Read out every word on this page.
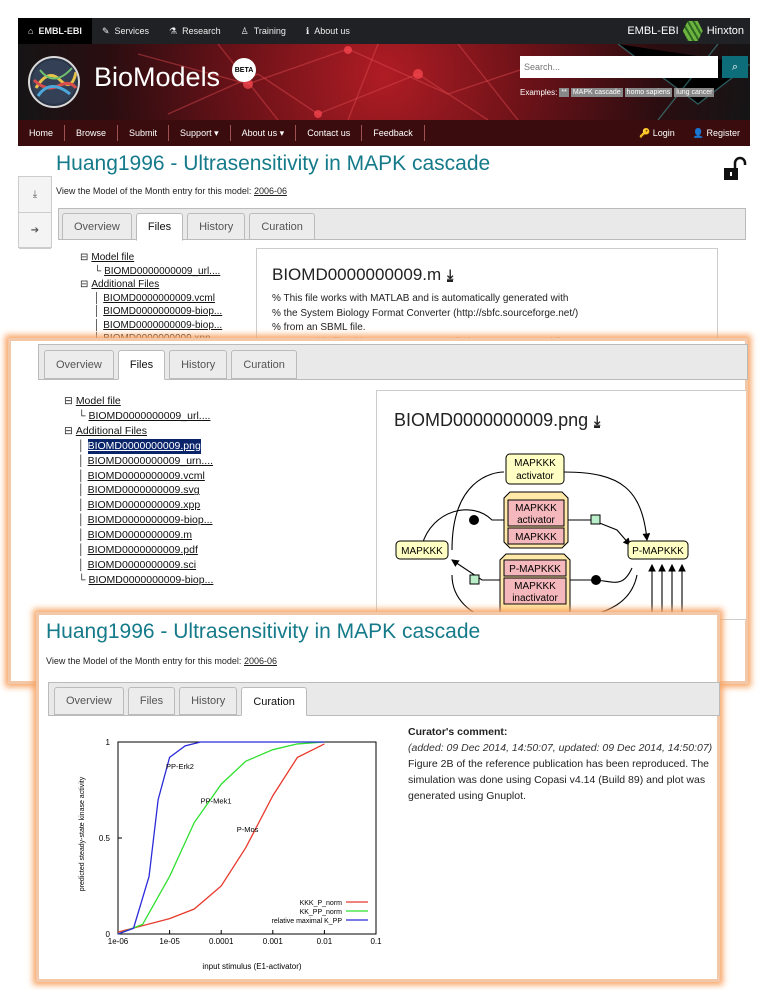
⌂ EMBL-EBI ✎ Services ⚗ Research ♙ Training ℹ About us	EMBL-EBI	Hinxton
BioModels	BETA
Search...	⌕
Examples: ** MAPK cascade homo sapiens lung cancer
Home	Browse	Submit	Support
▾	About us
▾	Contact us	Feedback	🔑 Login 👤 Register
Huang1996 - Ultrasensitivity in MAPK cascade
View the Model of the Month entry for this model: 2006-06
⤓
➔	Overview	Files	History	Curation
⊟ Model file
└ BIOMD0000000009_url....
⊟ Additional Files
│ BIOMD0000000009.vcml
│ BIOMD0000000009-biop...
│ BIOMD0000000009-biop...
BIOMD0000000009.m ⤓
% This file works with MATLAB and is automatically generated with
% the System Biology Format Converter (http://sbfc.sourceforge.net/)
% from an SBML file.
Overview	Files	History	Curation
⊟ Model file
└ BIOMD0000000009_url....
⊟ Additional Files
│ BIOMD0000000009.png
│ BIOMD0000000009_urn....
│ BIOMD0000000009.vcml
│ BIOMD0000000009.svg
│ BIOMD0000000009.xpp
│ BIOMD0000000009-biop...
│ BIOMD0000000009.m
│ BIOMD0000000009.pdf
│ BIOMD0000000009.sci
└ BIOMD0000000009-biop...
BIOMD0000000009.png ⤓
MAPKKK
activator
MAPKKK	P-MAPKKK
MAPKKK
activator
MAPKKK
P-MAPKKK
MAPKKK
inactivator
Huang1996 - Ultrasensitivity in MAPK cascade
View the Model of the Month entry for this model: 2006-06
Overview	Files	History	Curation
1e-06	1e-05	0.0001	0.001	0.01	0.1
0
0.5
1
P-Mos
KKK_P_norm
PP-Mek1
KK_PP_norm
PP-Erk2
relative maximal K_PP
input stimulus (E1-activator)
predicted steady-state kinase activity
Curator's comment:
(added: 09 Dec 2014, 14:50:07, updated: 09 Dec 2014, 14:50:07)
Figure 2B of the reference publication has been reproduced. The simulation was done using Copasi v4.14 (Build 89) and plot was generated using Gnuplot.
